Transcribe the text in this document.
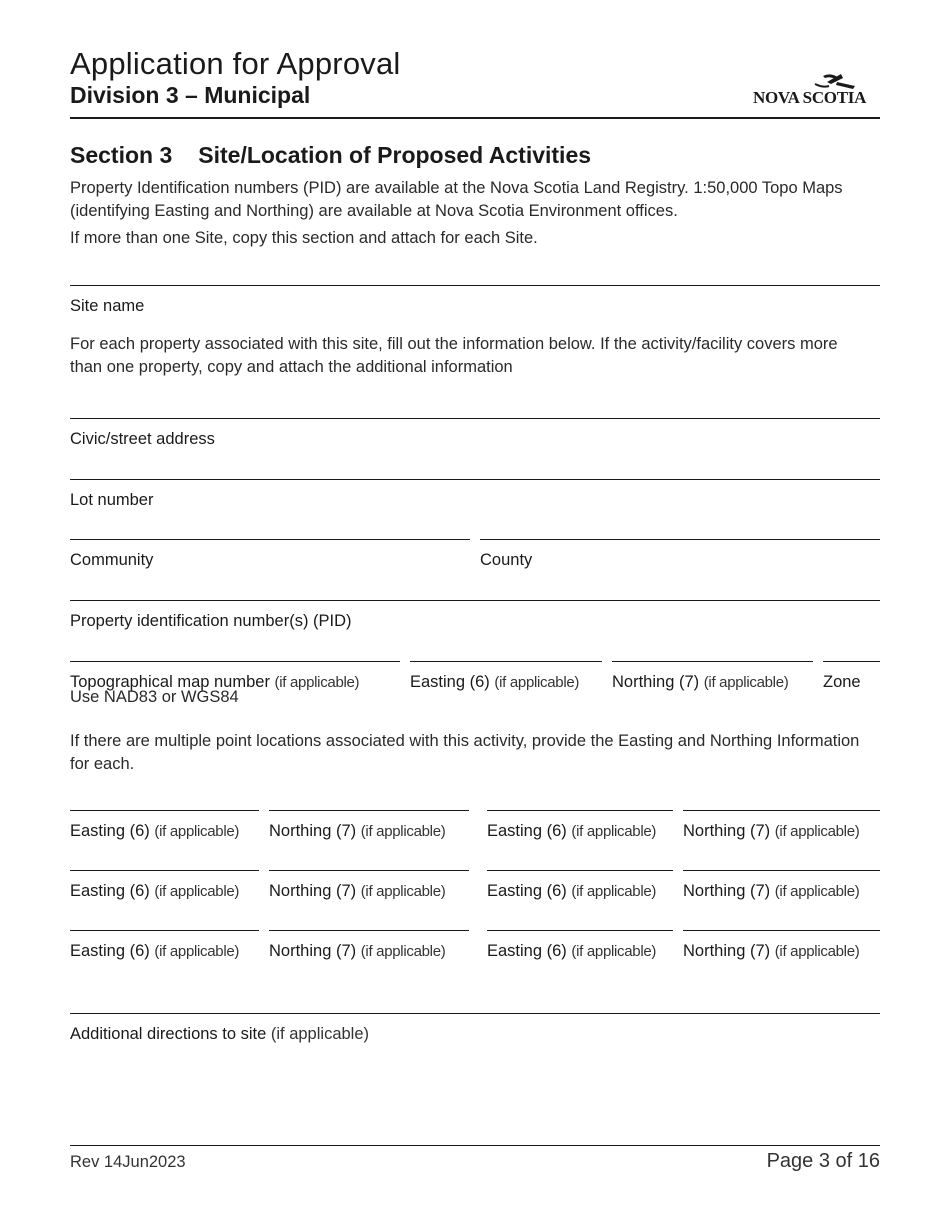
Application for Approval
Division 3 – Municipal	NOVA SCOTIA
Section 3 Site/Location of Proposed Activities
Property Identification numbers (PID) are available at the Nova Scotia Land Registry. 1:50,000 Topo Maps (identifying Easting and Northing) are available at Nova Scotia Environment offices.
If more than one Site, copy this section and attach for each Site.
Site name
For each property associated with this site, fill out the information below. If the activity/facility covers more than one property, copy and attach the additional information
Civic/street address
Lot number
Community	County
Property identification number(s) (PID)
Topographical map number (if applicable)	Easting (6) (if applicable) Northing (7) (if applicable) Zone
Use NAD83 or WGS84
If there are multiple point locations associated with this activity, provide the Easting and Northing Information for each.
Easting (6) (if applicable) Northing (7) (if applicable)	Easting (6) (if applicable) Northing (7) (if applicable)
Easting (6) (if applicable) Northing (7) (if applicable)	Easting (6) (if applicable) Northing (7) (if applicable)
Easting (6) (if applicable) Northing (7) (if applicable)	Easting (6) (if applicable) Northing (7) (if applicable)
Additional directions to site (if applicable)
Rev 14Jun2023	Page 3 of 16
